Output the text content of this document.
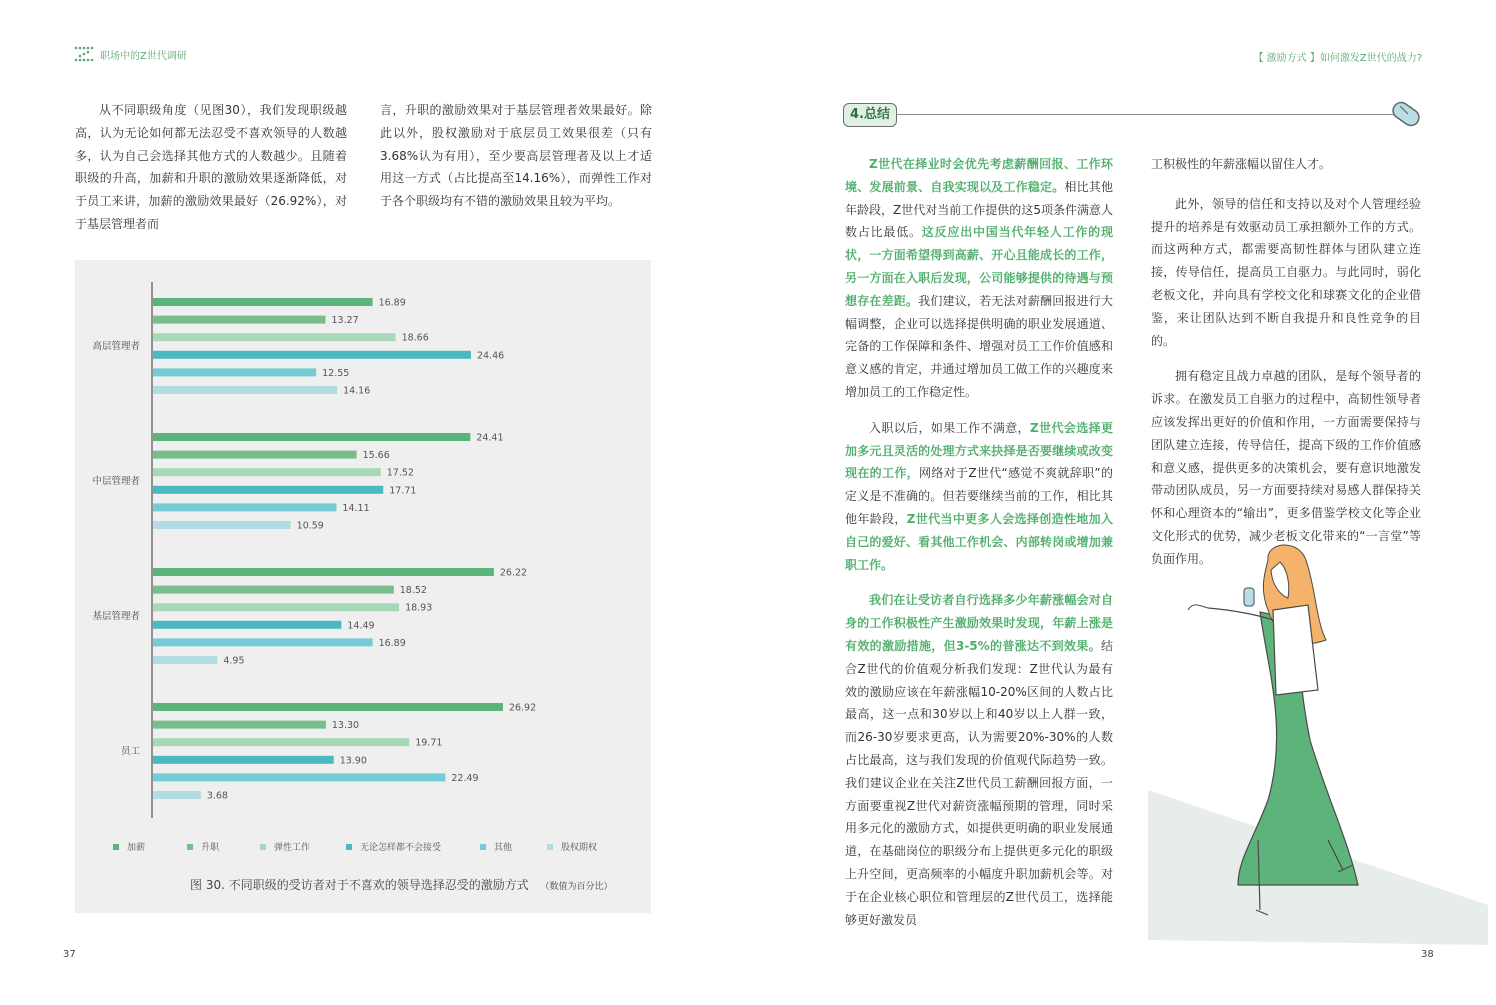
职场中的Z世代调研	【 激励方式 】如何激发Z世代的战力?

从不同职级角度（见图30），我们发现职级越高，认为无论如何都无法忍受不喜欢领导的人数越多，认为自己会选择其他方式的人数越少。且随着职级的升高，加薪和升职的激励效果逐渐降低，对于员工来讲，加薪的激励效果最好（26.92%），对于基层管理者而

言，升职的激励效果对于基层管理者效果最好。除此以外，股权激励对于底层员工效果很差（只有3.68%认为有用），至少要高层管理者及以上才适用这一方式（占比提高至14.16%），而弹性工作对于各个职级均有不错的激励效果且较为平均。

高层管理者
16.89
13.27
18.66
24.46
12.55
14.16
中层管理者
24.41
15.66
17.52
17.71
14.11
10.59
基层管理者
26.22
18.52
18.93
14.49
16.89
4.95
员工
26.92
13.30
19.71
13.90
22.49
3.68
加薪	升职	弹性工作	无论怎样都不会接受	其他	股权期权
图 30. 不同职级的受访者对于不喜欢的领导选择忍受的激励方式 （数值为百分比）
4.总结

Z世代在择业时会优先考虑薪酬回报、工作环境、发展前景、自我实现以及工作稳定。相比其他年龄段，Z世代对当前工作提供的这5项条件满意人数占比最低。这反应出中国当代年轻人工作的现状，一方面希望得到高薪、开心且能成长的工作，另一方面在入职后发现，公司能够提供的待遇与预想存在差距。我们建议，若无法对薪酬回报进行大幅调整，企业可以选择提供明确的职业发展通道、完备的工作保障和条件、增强对员工工作价值感和意义感的肯定，并通过增加员工做工作的兴趣度来增加员工的工作稳定性。

入职以后，如果工作不满意，Z世代会选择更加多元且灵活的处理方式来抉择是否要继续或改变现在的工作，网络对于Z世代“感觉不爽就辞职”的定义是不准确的。但若要继续当前的工作，相比其他年龄段，Z世代当中更多人会选择创造性地加入自己的爱好、看其他工作机会、内部转岗或增加兼职工作。

我们在让受访者自行选择多少年薪涨幅会对自身的工作积极性产生激励效果时发现，年薪上涨是有效的激励措施，但3-5%的普涨达不到效果。结合Z世代的价值观分析我们发现：Z世代认为最有效的激励应该在年薪涨幅10-20%区间的人数占比最高，这一点和30岁以上和40岁以上人群一致，而26-30岁要求更高，认为需要20%-30%的人数占比最高，这与我们发现的价值观代际趋势一致。我们建议企业在关注Z世代员工薪酬回报方面，一方面要重视Z世代对薪资涨幅预期的管理，同时采用多元化的激励方式，如提供更明确的职业发展通道，在基础岗位的职级分布上提供更多元化的职级上升空间，更高频率的小幅度升职加薪机会等。对于在企业核心职位和管理层的Z世代员工，选择能够更好激发员

工积极性的年薪涨幅以留住人才。

此外，领导的信任和支持以及对个人管理经验提升的培养是有效驱动员工承担额外工作的方式。而这两种方式，都需要高韧性群体与团队建立连接，传导信任，提高员工自驱力。与此同时，弱化老板文化，并向具有学校文化和球赛文化的企业借鉴，来让团队达到不断自我提升和良性竞争的目的。

拥有稳定且战力卓越的团队，是每个领导者的诉求。在激发员工自驱力的过程中，高韧性领导者应该发挥出更好的价值和作用，一方面需要保持与团队建立连接，传导信任，提高下级的工作价值感和意义感，提供更多的决策机会，要有意识地激发带动团队成员，另一方面要持续对易感人群保持关怀和心理资本的“输出”，更多借鉴学校文化等企业文化形式的优势，减少老板文化带来的“一言堂”等负面作用。

37	38
